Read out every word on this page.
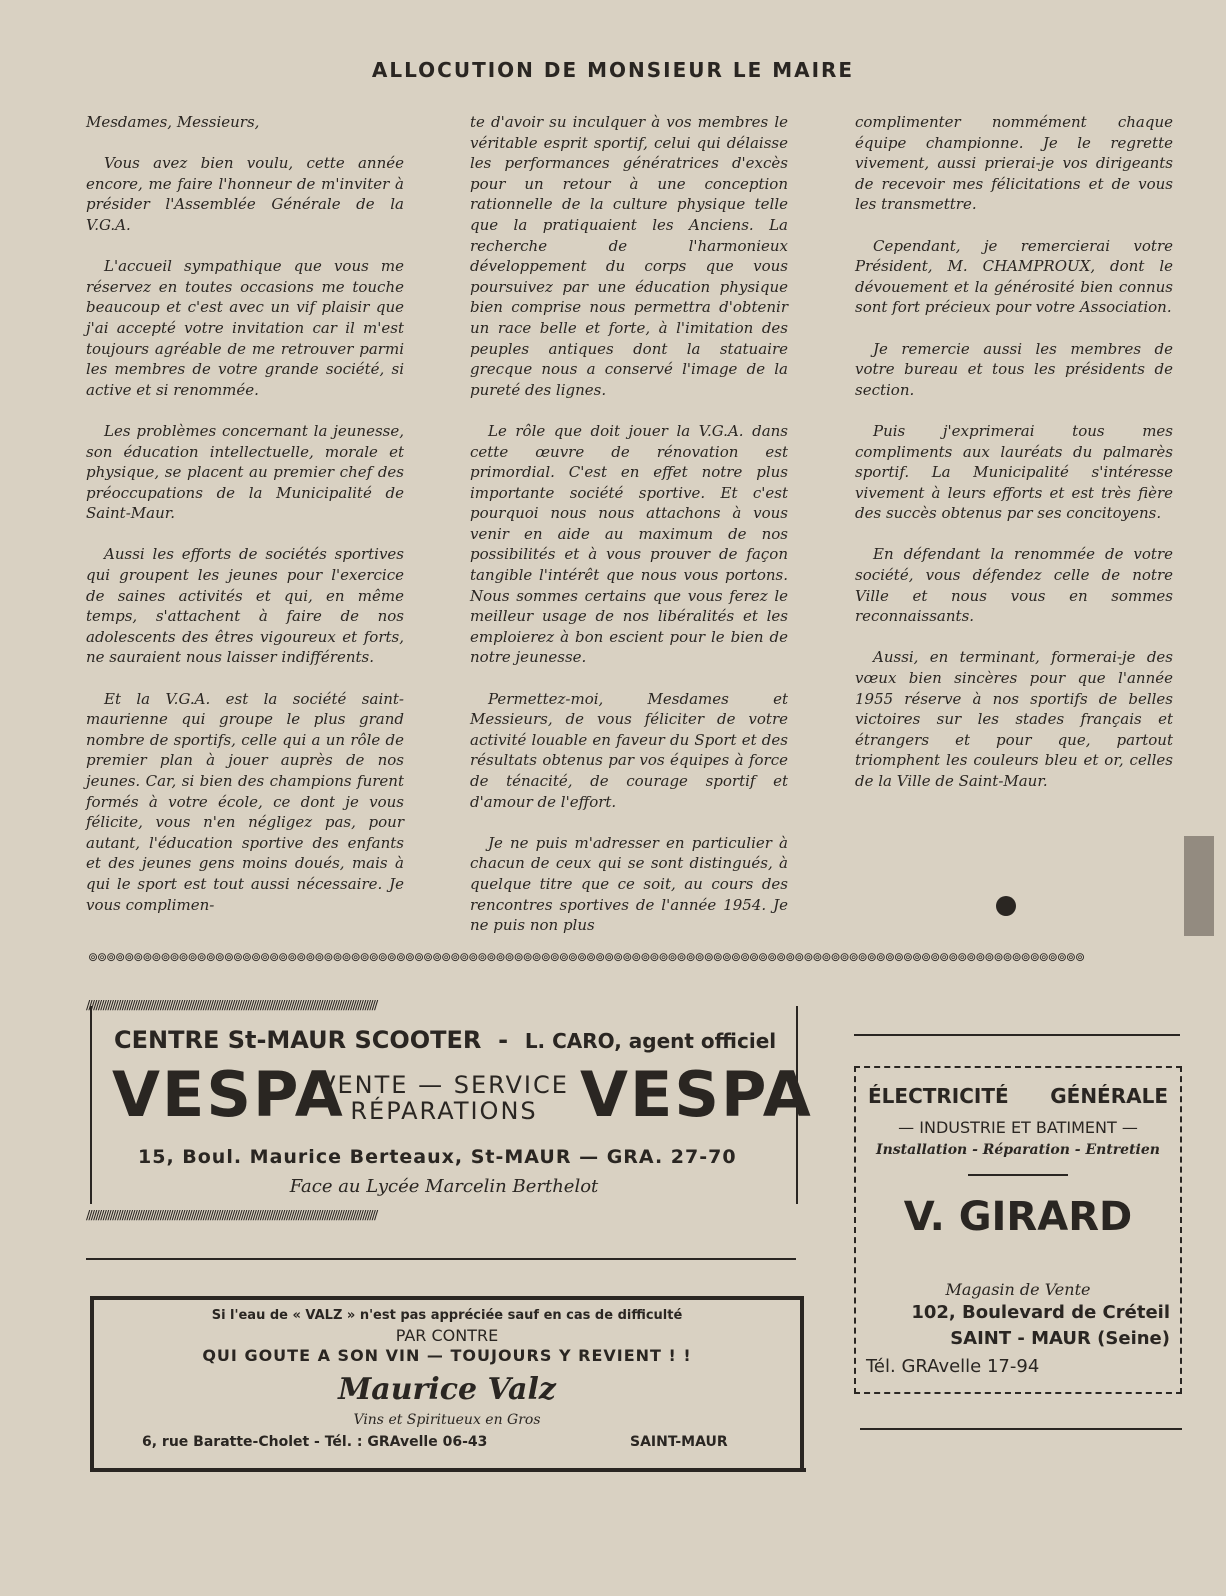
ALLOCUTION DE MONSIEUR LE MAIRE

Mesdames, Messieurs,

Vous avez bien voulu, cette année encore, me faire l'honneur de m'inviter à présider l'Assemblée Générale de la V.G.A.

L'accueil sympathique que vous me réservez en toutes occasions me touche beaucoup et c'est avec un vif plaisir que j'ai accepté votre invitation car il m'est toujours agréable de me retrouver parmi les membres de votre grande société, si active et si renommée.

Les problèmes concernant la jeunesse, son éducation intellectuelle, morale et physique, se placent au premier chef des préoccupations de la Municipalité de Saint-Maur.

Aussi les efforts de sociétés sportives qui groupent les jeunes pour l'exercice de saines activités et qui, en même temps, s'attachent à faire de nos adolescents des êtres vigoureux et forts, ne sauraient nous laisser indifférents.

Et la V.G.A. est la société saint-maurienne qui groupe le plus grand nombre de sportifs, celle qui a un rôle de premier plan à jouer auprès de nos jeunes. Car, si bien des champions furent formés à votre école, ce dont je vous félicite, vous n'en négligez pas, pour autant, l'éducation sportive des enfants et des jeunes gens moins doués, mais à qui le sport est tout aussi nécessaire. Je vous complimen-

te d'avoir su inculquer à vos membres le véritable esprit sportif, celui qui délaisse les performances génératrices d'excès pour un retour à une conception rationnelle de la culture physique telle que la pratiquaient les Anciens. La recherche de l'harmonieux développement du corps que vous poursuivez par une éducation physique bien comprise nous permettra d'obtenir un race belle et forte, à l'imitation des peuples antiques dont la statuaire grecque nous a conservé l'image de la pureté des lignes.

Le rôle que doit jouer la V.G.A. dans cette œuvre de rénovation est primordial. C'est en effet notre plus importante société sportive. Et c'est pourquoi nous nous attachons à vous venir en aide au maximum de nos possibilités et à vous prouver de façon tangible l'intérêt que nous vous portons. Nous sommes certains que vous ferez le meilleur usage de nos libéralités et les emploierez à bon escient pour le bien de notre jeunesse.

Permettez-moi, Mesdames et Messieurs, de vous féliciter de votre activité louable en faveur du Sport et des résultats obtenus par vos équipes à force de ténacité, de courage sportif et d'amour de l'effort.

Je ne puis m'adresser en particulier à chacun de ceux qui se sont distingués, à quelque titre que ce soit, au cours des rencontres sportives de l'année 1954. Je ne puis non plus

complimenter nommément chaque équipe championne. Je le regrette vivement, aussi prierai-je vos dirigeants de recevoir mes félicitations et de vous les transmettre.

Cependant, je remercierai votre Président, M. CHAMPROUX, dont le dévouement et la générosité bien connus sont fort précieux pour votre Association.

Je remercie aussi les membres de votre bureau et tous les présidents de section.

Puis j'exprimerai tous mes compliments aux lauréats du palmarès sportif. La Municipalité s'intéresse vivement à leurs efforts et est très fière des succès obtenus par ses concitoyens.

En défendant la renommée de votre société, vous défendez celle de notre Ville et nous vous en sommes reconnaissants.

Aussi, en terminant, formerai-je des vœux bien sincères pour que l'année 1955 réserve à nos sportifs de belles victoires sur les stades français et étrangers et pour que, partout triomphent les couleurs bleu et or, celles de la Ville de Saint-Maur.

⊚⊚⊚⊚⊚⊚⊚⊚⊚⊚⊚⊚⊚⊚⊚⊚⊚⊚⊚⊚⊚⊚⊚⊚⊚⊚⊚⊚⊚⊚⊚⊚⊚⊚⊚⊚⊚⊚⊚⊚⊚⊚⊚⊚⊚⊚⊚⊚⊚⊚⊚⊚⊚⊚⊚⊚⊚⊚⊚⊚⊚⊚⊚⊚⊚⊚⊚⊚⊚⊚⊚⊚⊚⊚⊚⊚⊚⊚⊚⊚⊚⊚⊚⊚⊚⊚⊚⊚⊚⊚⊚⊚⊚⊚⊚⊚⊚⊚⊚⊚⊚⊚⊚⊚⊚⊚⊚⊚⊚⊚
∕∕∕∕∕∕∕∕∕∕∕∕∕∕∕∕∕∕∕∕∕∕∕∕∕∕∕∕∕∕∕∕∕∕∕∕∕∕∕∕∕∕∕∕∕∕∕∕∕∕∕∕∕∕∕∕∕∕∕∕∕∕∕∕∕∕∕∕∕∕∕∕∕∕∕∕∕∕∕∕∕∕∕∕∕∕∕∕∕∕∕∕∕∕∕∕∕∕∕∕∕∕∕∕∕∕∕∕∕∕∕∕∕∕∕∕∕∕∕∕∕∕
CENTRE St-MAUR SCOOTER - L. CARO, agent officiel
VESPA
VENTE — SERVICE
RÉPARATIONS VESPA
15, Boul. Maurice Berteaux, St-MAUR — GRA. 27-70
Face au Lycée Marcelin Berthelot
∕∕∕∕∕∕∕∕∕∕∕∕∕∕∕∕∕∕∕∕∕∕∕∕∕∕∕∕∕∕∕∕∕∕∕∕∕∕∕∕∕∕∕∕∕∕∕∕∕∕∕∕∕∕∕∕∕∕∕∕∕∕∕∕∕∕∕∕∕∕∕∕∕∕∕∕∕∕∕∕∕∕∕∕∕∕∕∕∕∕∕∕∕∕∕∕∕∕∕∕∕∕∕∕∕∕∕∕∕∕∕∕∕∕∕∕∕∕∕∕∕∕
Si l'eau de « VALZ » n'est pas appréciée sauf en cas de difficulté
PAR CONTRE
QUI GOUTE A SON VIN — TOUJOURS Y REVIENT ! !
Maurice Valz
Vins et Spiritueux en Gros
6, rue Baratte-Cholet - Tél. : GRAvelle 06-43	SAINT-MAUR
ÉLECTRICITÉ GÉNÉRALE
— INDUSTRIE ET BATIMENT —
Installation - Réparation - Entretien
V. GIRARD
Magasin de Vente
102, Boulevard de Créteil
SAINT - MAUR (Seine)
Tél. GRAvelle 17-94
